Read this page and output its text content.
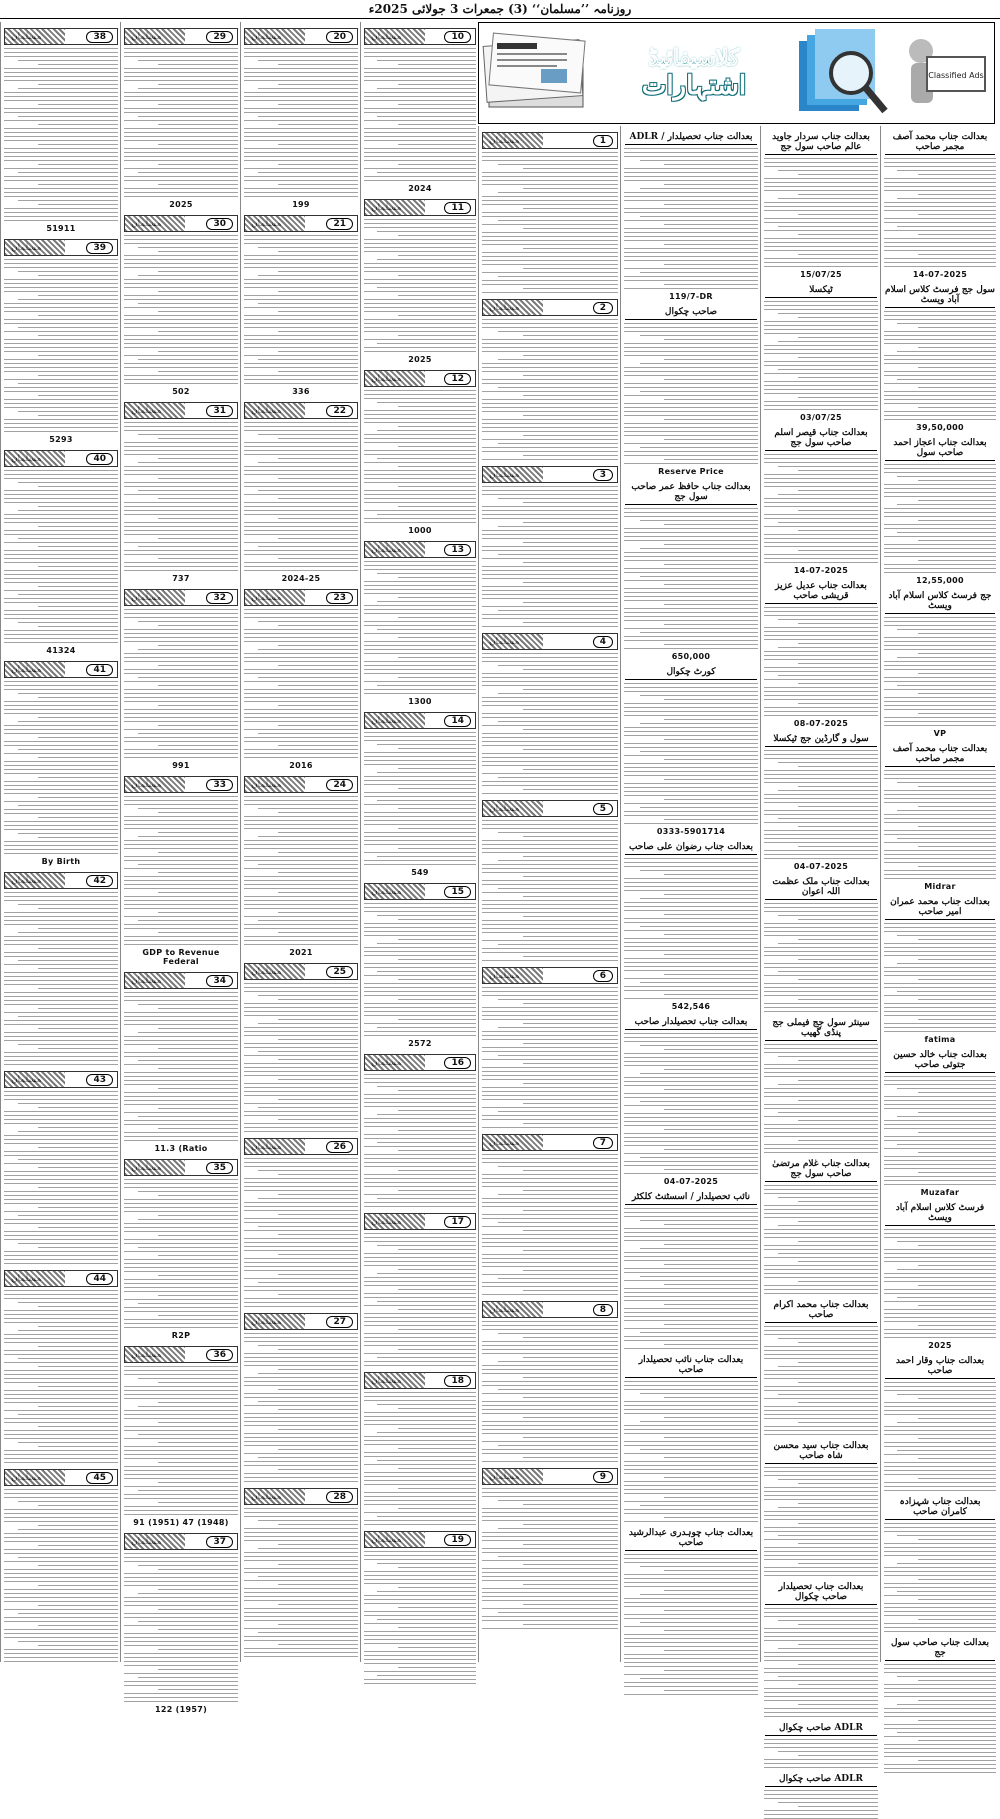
روزنامہ ’’مسلمان‘‘ (3) جمعرات 3 جولائی 2025ء
کلاسیفائیڈ
اشتہارات	Classified Ads
بعدالت جناب محمد آصف مجمر صاحب
14-07-2025
سول جج فرسٹ کلاس اسلام آباد ویسٹ
39,50,000
بعدالت جناب اعجاز احمد صاحب سول
12,55,000
جج فرسٹ کلاس اسلام آباد ویسٹ
VP
بعدالت جناب محمد آصف مجمر صاحب
Midrar
بعدالت جناب محمد عمران امیر صاحب
fatima
بعدالت جناب خالد حسین جتوئی صاحب
Muzafar
فرسٹ کلاس اسلام آباد ویسٹ
2025
بعدالت جناب وقار احمد صاحب
بعدالت جناب شہزادہ کامران صاحب
بعدالت جناب صاحب سول جج
بعدالت جناب سردار جاوید عالم صاحب سول جج
15/07/25
ٹیکسلا
03/07/25
بعدالت جناب قیصر اسلم صاحب سول جج
14-07-2025
بعدالت جناب عدیل عزیز قریشی صاحب
08-07-2025
سول و گارڈین جج ٹیکسلا
04-07-2025
بعدالت جناب ملک عظمت اللہ اعوان
سینئر سول جج فیملی جج پنڈی گھیب
بعدالت جناب غلام مرتضیٰ صاحب سول جج
بعدالت جناب محمد اکرام صاحب
بعدالت جناب سید محسن شاہ صاحب
بعدالت جناب تحصیلدار صاحب چکوال
ADLR صاحب چکوال
ADLR صاحب چکوال
بعدالت جناب تحصیلدار / ADLR
119/7-DR
صاحب چکوال
Reserve Price
بعدالت جناب حافظ عمر صاحب سول جج
650,000
کورٹ چکوال
0333-5901714
بعدالت جناب رضوان علی صاحب
542,546
بعدالت جناب تحصیلدار صاحب
04-07-2025
نائب تحصیلدار / اسسٹنٹ کلکٹر
بعدالت جناب نائب تحصیلدار صاحب
بعدالت جناب چوہدری عبدالرشید صاحب
1
2
3
4
5
6
7
8
9
10
2024
11
2025
12
1000
13
1300
14
549
15
2572
16
17
18
19
20
199
21
336
22
2024-25
23
2016
24
2021
25
26
27
28
29
2025
30
502
31
737
32
991
33
GDP to Revenue Federal
34
11.3 (Ratio
35
R2P
36
91 (1951) 47 (1948)
37
122 (1957)
38
51911
39
5293
40
41324
41
By Birth
42
43
44
45
